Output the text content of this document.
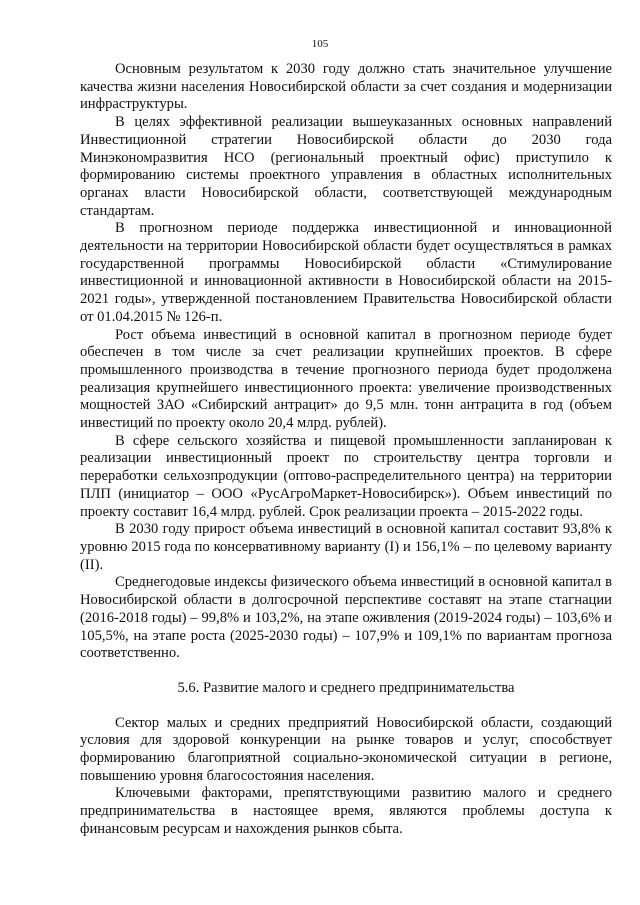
105

Основным результатом к 2030 году должно стать значительное улучшение качества жизни населения Новосибирской области за счет создания и модернизации инфраструктуры.

В целях эффективной реализации вышеуказанных основных направлений Инвестиционной стратегии Новосибирской области до 2030 года Минэкономразвития НСО (региональный проектный офис) приступило к формированию системы проектного управления в областных исполнительных органах власти Новосибирской области, соответствующей международным стандартам.

В прогнозном периоде поддержка инвестиционной и инновационной деятельности на территории Новосибирской области будет осуществляться в рамках государственной программы Новосибирской области «Стимулирование инвестиционной и инновационной активности в Новосибирской области на 2015-2021 годы», утвержденной постановлением Правительства Новосибирской области от 01.04.2015 № 126-п.

Рост объема инвестиций в основной капитал в прогнозном периоде будет обеспечен в том числе за счет реализации крупнейших проектов. В сфере промышленного производства в течение прогнозного периода будет продолжена реализация крупнейшего инвестиционного проекта: увеличение производственных мощностей ЗАО «Сибирский антрацит» до 9,5 млн. тонн антрацита в год (объем инвестиций по проекту около 20,4 млрд. рублей).

В сфере сельского хозяйства и пищевой промышленности запланирован к реализации инвестиционный проект по строительству центра торговли и переработки сельхозпродукции (оптово-распределительного центра) на территории ПЛП (инициатор – ООО «РусАгроМаркет-Новосибирск»). Объем инвестиций по проекту составит 16,4 млрд. рублей. Срок реализации проекта – 2015-2022 годы.

В 2030 году прирост объема инвестиций в основной капитал составит 93,8% к уровню 2015 года по консервативному варианту (I) и 156,1% – по целевому варианту (II).

Среднегодовые индексы физического объема инвестиций в основной капитал в Новосибирской области в долгосрочной перспективе составят на этапе стагнации (2016-2018 годы) – 99,8% и 103,2%, на этапе оживления (2019-2024 годы) – 103,6% и 105,5%, на этапе роста (2025-2030 годы) – 107,9% и 109,1% по вариантам прогноза соответственно.

5.6. Развитие малого и среднего предпринимательства

Сектор малых и средних предприятий Новосибирской области, создающий условия для здоровой конкуренции на рынке товаров и услуг, способствует формированию благоприятной социально-экономической ситуации в регионе, повышению уровня благосостояния населения.

Ключевыми факторами, препятствующими развитию малого и среднего предпринимательства в настоящее время, являются проблемы доступа к финансовым ресурсам и нахождения рынков сбыта.
